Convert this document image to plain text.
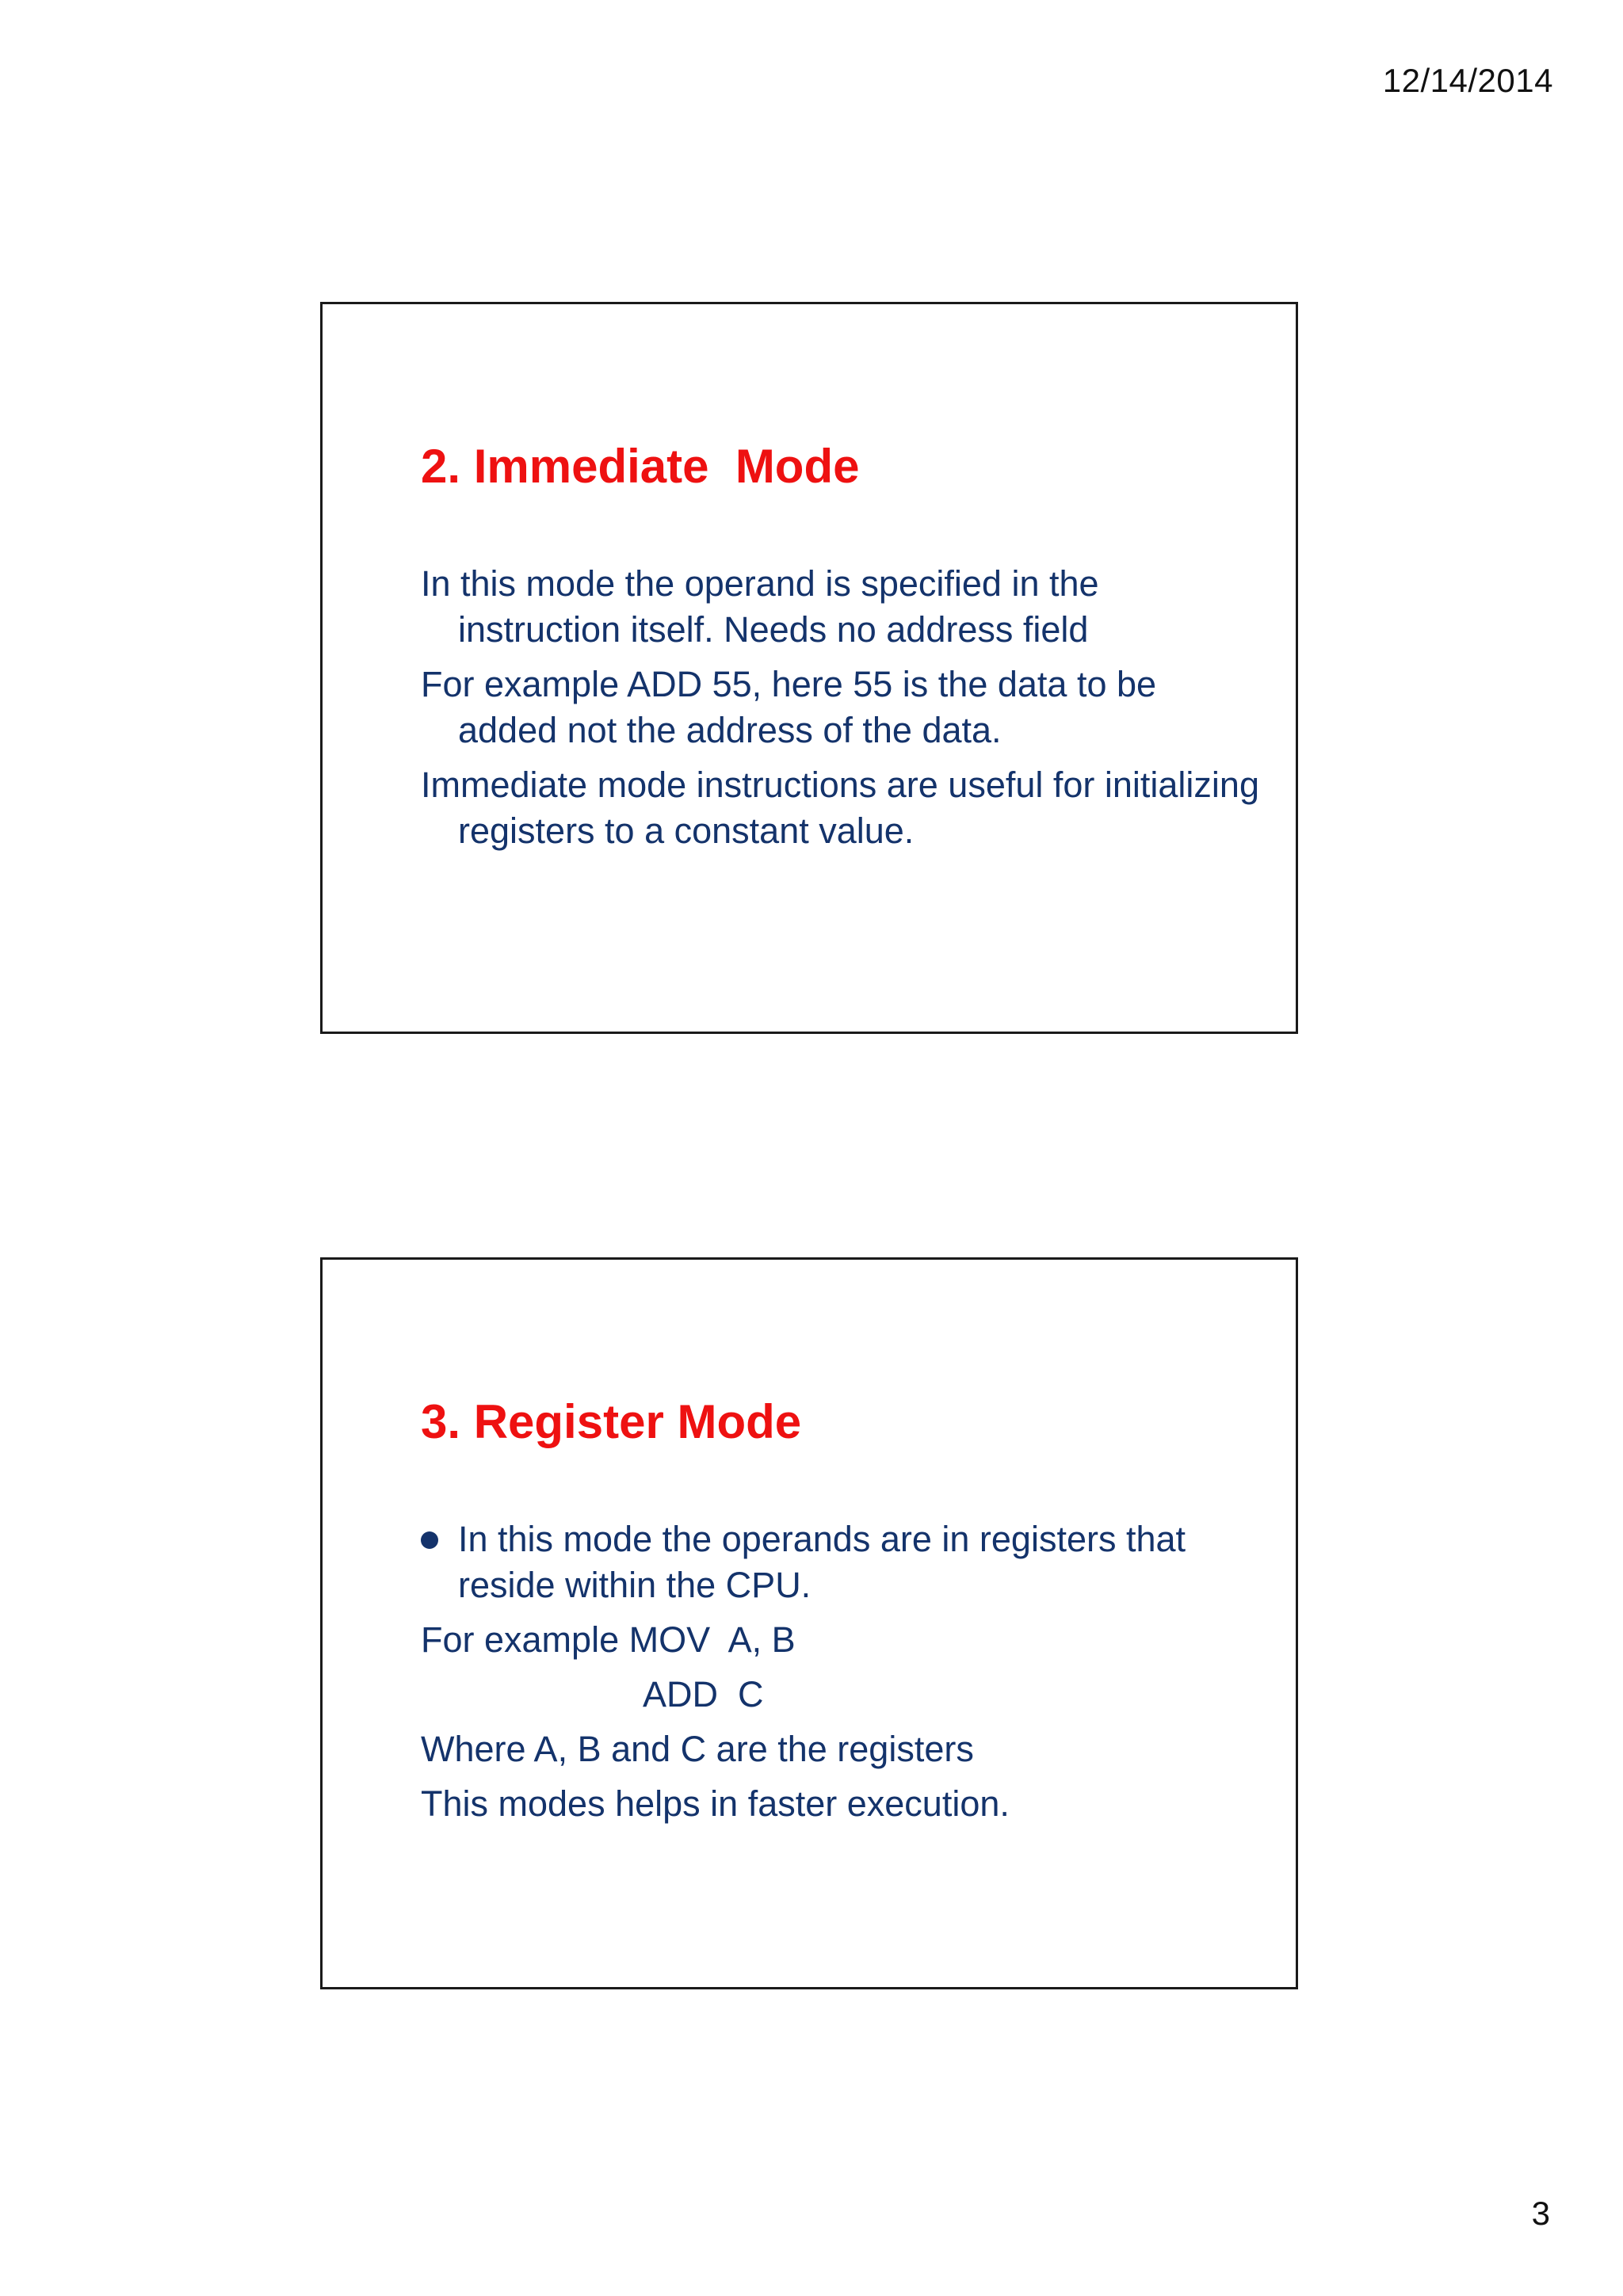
12/14/2014
2. Immediate  Mode

In this mode the operand is specified in the instruction itself. Needs no address field

For example ADD 55, here 55 is the data to be added not the address of the data.

Immediate mode instructions are useful for initializing registers to a constant value.

3. Register Mode
In this mode the operands are in registers that reside within the CPU.

For example MOV  A, B

ADD  C

Where A, B and C are the registers

This modes helps in faster execution.

3
